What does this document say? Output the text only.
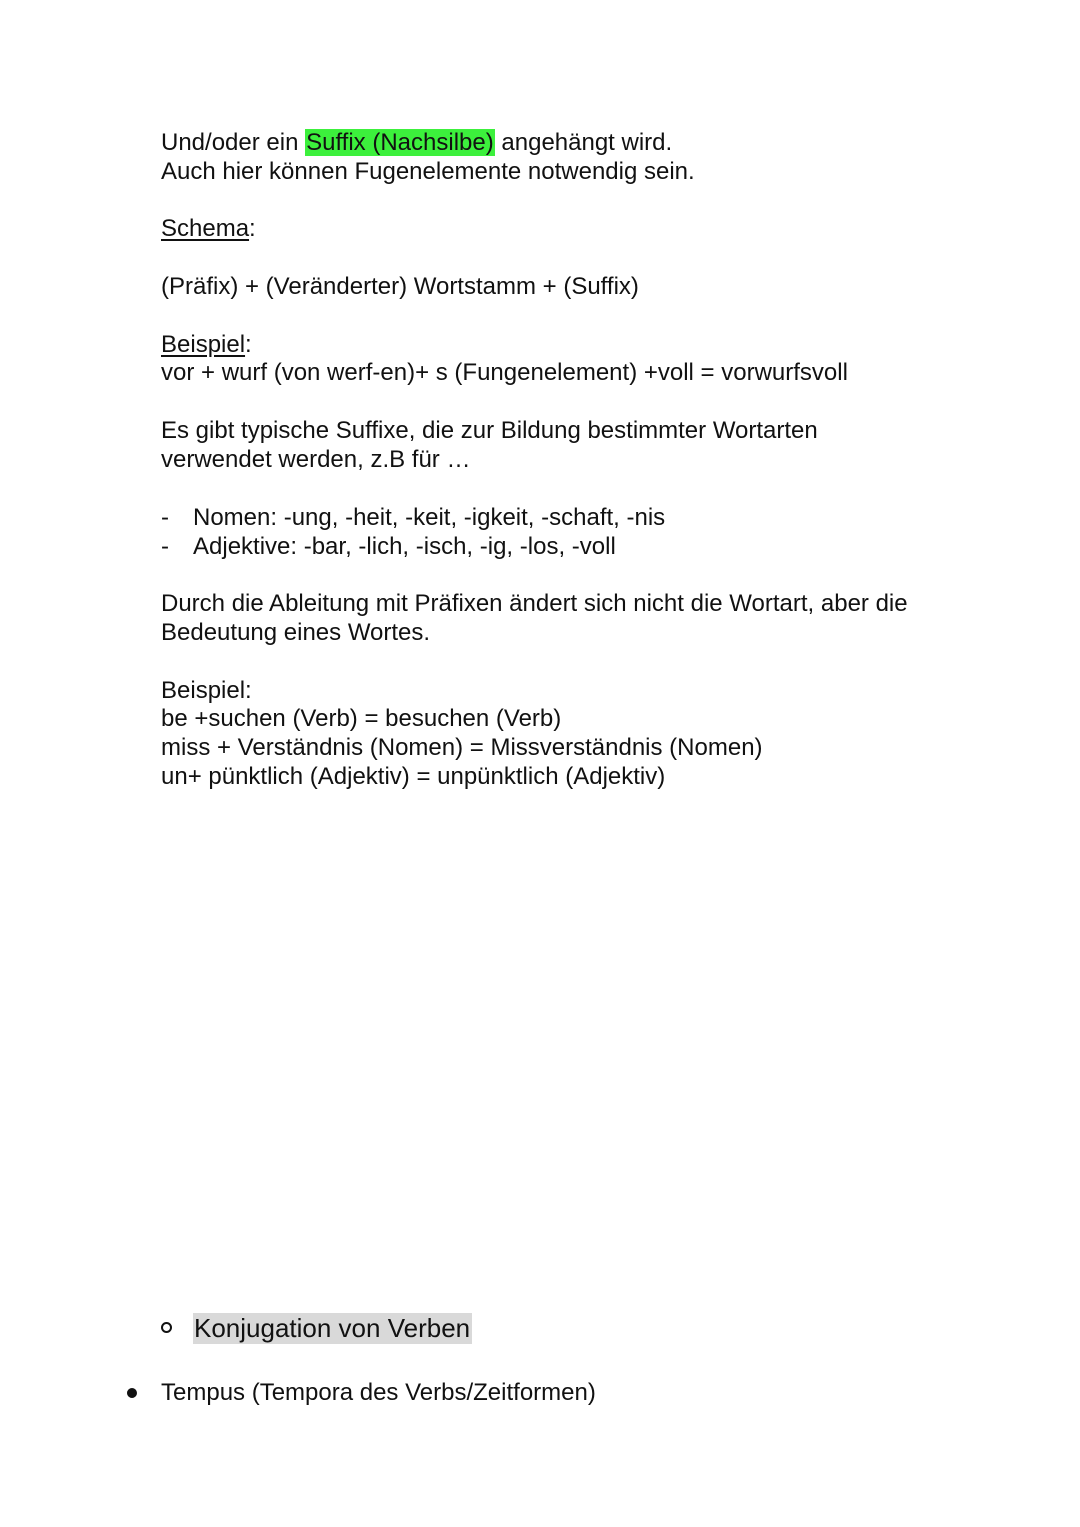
Und/oder ein Suffix (Nachsilbe) angehängt wird.
Auch hier können Fugenelemente notwendig sein.
Schema:
(Präfix) + (Veränderter) Wortstamm + (Suffix)
Beispiel:
vor + wurf (von werf-en)+ s (Fungenelement) +voll = vorwurfsvoll
Es gibt typische Suffixe, die zur Bildung bestimmter Wortarten
verwendet werden, z.B für …
- Nomen: -ung, -heit, -keit, -igkeit, -schaft, -nis
- Adjektive: -bar, -lich, -isch, -ig, -los, -voll
Durch die Ableitung mit Präfixen ändert sich nicht die Wortart, aber die
Bedeutung eines Wortes.
Beispiel:
be +suchen (Verb) = besuchen (Verb)
miss + Verständnis (Nomen) = Missverständnis (Nomen)
un+ pünktlich (Adjektiv) = unpünktlich (Adjektiv)
Konjugation von Verben
Tempus (Tempora des Verbs/Zeitformen)
